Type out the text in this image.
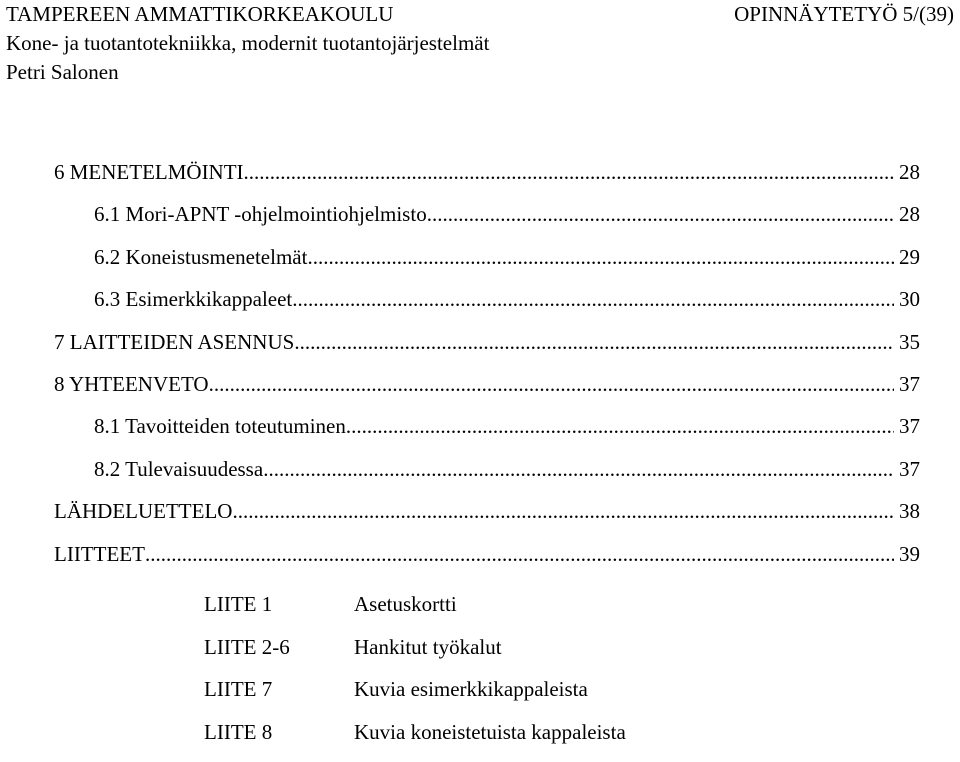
TAMPEREEN AMMATTIKORKEAKOULU	OPINNÄYTETYÖ 5/(39)
Kone- ja tuotantotekniikka, modernit tuotantojärjestelmät
Petri Salonen
6 MENETELMÖINTI .....	28
6.1 Mori-APNT -ohjelmointiohjelmisto .....	28
6.2 Koneistusmenetelmät .....	29
6.3 Esimerkkikappaleet .....	30
7 LAITTEIDEN ASENNUS .....	35
8 YHTEENVETO .....	37
8.1 Tavoitteiden toteutuminen .....	37
8.2 Tulevaisuudessa .....	37
LÄHDELUETTELO .....	38
LIITTEET .....	39
LIITE 1	Asetuskortti
LIITE 2-6	Hankitut työkalut
LIITE 7	Kuvia esimerkkikappaleista
LIITE 8	Kuvia koneistetuista kappaleista
